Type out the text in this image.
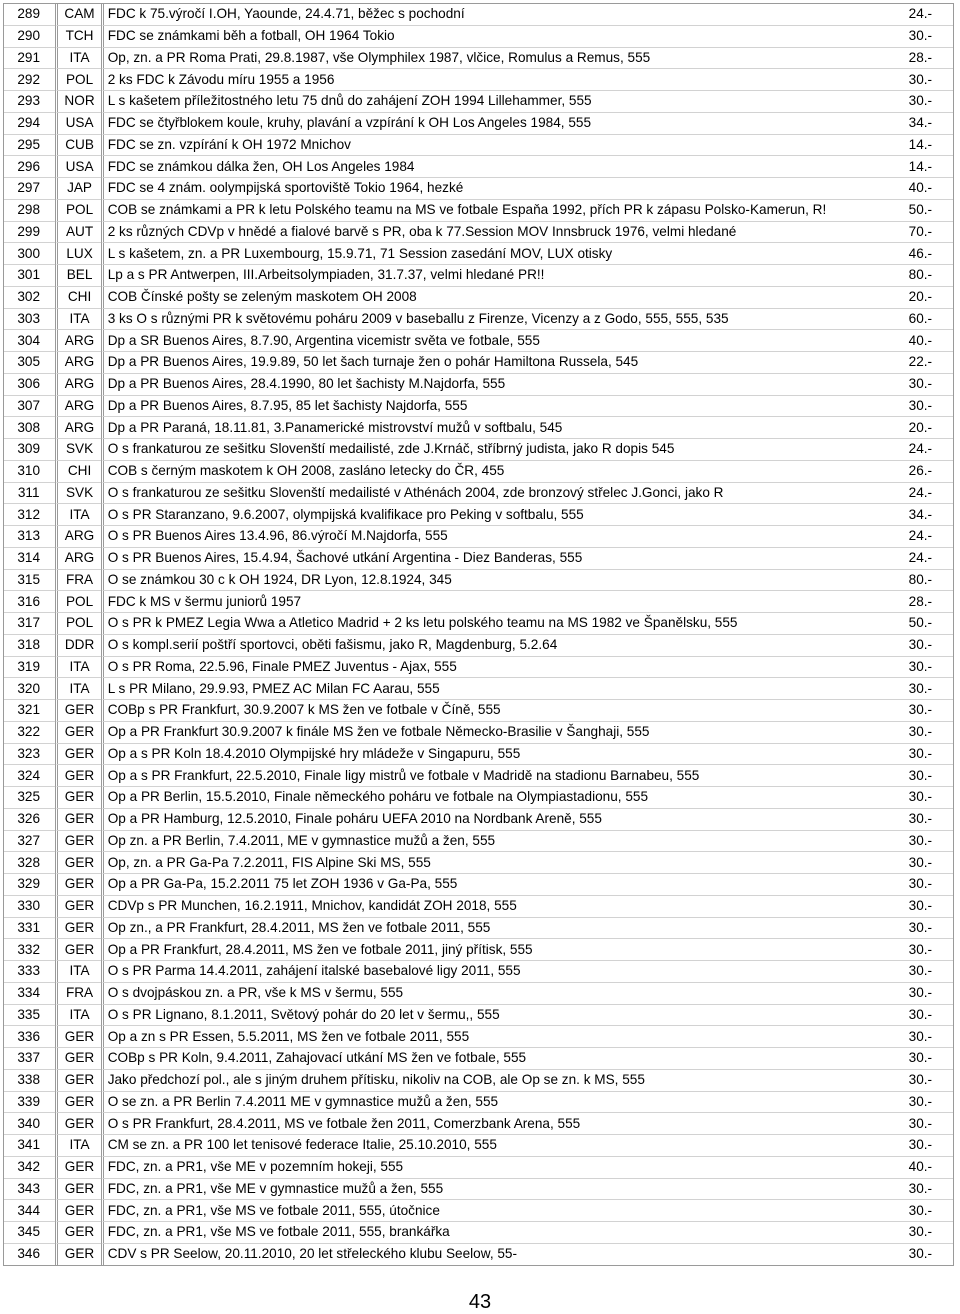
289	CAM	FDC k 75.výročí I.OH, Yaounde, 24.4.71, běžec s pochodní	24.-
290	TCH	FDC se známkami běh a fotball, OH 1964 Tokio	30.-
291	ITA	Op, zn. a PR Roma Prati, 29.8.1987, vše Olymphilex 1987, vlčice, Romulus a Remus, 555	28.-
292	POL	2 ks FDC k Závodu míru 1955 a 1956	30.-
293	NOR	L s kašetem příležitostného letu 75 dnů do zahájení ZOH 1994 Lillehammer, 555	30.-
294	USA	FDC se čtyřblokem koule, kruhy, plavání a vzpírání k OH Los Angeles 1984, 555	34.-
295	CUB	FDC se zn. vzpírání k OH 1972 Mnichov	14.-
296	USA	FDC se známkou dálka žen, OH Los Angeles 1984	14.-
297	JAP	FDC se 4 znám. oolympijská sportoviště Tokio 1964, hezké	40.-
298	POL	COB se známkami a PR k letu Polského teamu na MS ve fotbale Espaňa 1992, přích PR k zápasu Polsko-Kamerun, R!	50.-
299	AUT	2 ks různých CDVp v hnědé a fialové barvě s PR, oba k 77.Session MOV Innsbruck 1976, velmi hledané	70.-
300	LUX	L s kašetem, zn. a PR Luxembourg, 15.9.71, 71 Session zasedání MOV, LUX otisky	46.-
301	BEL	Lp a s PR Antwerpen, III.Arbeitsolympiaden, 31.7.37, velmi hledané PR!!	80.-
302	CHI	COB Čínské pošty se zeleným maskotem OH 2008	20.-
303	ITA	3 ks O s různými PR k světovému poháru 2009 v baseballu z Firenze, Vicenzy a z Godo, 555, 555, 535	60.-
304	ARG	Dp a SR Buenos Aires, 8.7.90, Argentina vicemistr světa ve fotbale, 555	40.-
305	ARG	Dp a PR Buenos Aires, 19.9.89, 50 let šach turnaje žen o pohár Hamiltona Russela, 545	22.-
306	ARG	Dp a PR Buenos Aires, 28.4.1990, 80 let šachisty M.Najdorfa, 555	30.-
307	ARG	Dp a PR Buenos Aires, 8.7.95, 85 let šachisty Najdorfa, 555	30.-
308	ARG	Dp a PR Paraná, 18.11.81, 3.Panamerické mistrovství mužů v softbalu, 545	20.-
309	SVK	O s frankaturou ze sešitku Slovenští medailisté, zde J.Krnáč, stříbrný judista, jako R dopis 545	24.-
310	CHI	COB s černým maskotem k OH 2008, zasláno letecky do ČR, 455	26.-
311	SVK	O s frankaturou ze sešitku Slovenští medailisté v Athénách 2004, zde bronzový střelec J.Gonci, jako R	24.-
312	ITA	O s PR Staranzano, 9.6.2007, olympijská kvalifikace pro Peking v softbalu, 555	34.-
313	ARG	O s PR Buenos Aires 13.4.96, 86.výročí M.Najdorfa, 555	24.-
314	ARG	O s PR Buenos Aires, 15.4.94, Šachové utkání Argentina - Diez Banderas, 555	24.-
315	FRA	O se známkou 30 c k OH 1924, DR Lyon, 12.8.1924, 345	80.-
316	POL	FDC k MS v šermu juniorů 1957	28.-
317	POL	O s PR k PMEZ Legia Wwa a Atletico Madrid + 2 ks letu polského teamu na MS 1982 ve Španělsku, 555	50.-
318	DDR	O s kompl.serií poštří sportovci, oběti fašismu, jako R, Magdenburg, 5.2.64	30.-
319	ITA	O s PR Roma, 22.5.96, Finale PMEZ Juventus - Ajax, 555	30.-
320	ITA	L s PR Milano, 29.9.93, PMEZ AC Milan FC Aarau, 555	30.-
321	GER	COBp s PR Frankfurt, 30.9.2007 k MS žen ve fotbale v Číně, 555	30.-
322	GER	Op a PR Frankfurt 30.9.2007 k finále MS žen ve fotbale Německo-Brasilie v Šanghaji, 555	30.-
323	GER	Op a s PR Koln 18.4.2010 Olympijské hry mládeže v Singapuru, 555	30.-
324	GER	Op a s PR Frankfurt, 22.5.2010, Finale ligy mistrů ve fotbale v Madridě na stadionu Barnabeu, 555	30.-
325	GER	Op a PR Berlin, 15.5.2010, Finale německého poháru ve fotbale na Olympiastadionu, 555	30.-
326	GER	Op a PR Hamburg, 12.5.2010, Finale poháru UEFA 2010 na Nordbank Areně, 555	30.-
327	GER	Op zn. a PR Berlin, 7.4.2011, ME v gymnastice mužů a žen, 555	30.-
328	GER	Op, zn. a PR Ga-Pa 7.2.2011, FIS Alpine Ski MS, 555	30.-
329	GER	Op a PR Ga-Pa, 15.2.2011 75 let ZOH 1936 v Ga-Pa, 555	30.-
330	GER	CDVp s PR Munchen, 16.2.1911, Mnichov, kandidát ZOH 2018, 555	30.-
331	GER	Op zn., a PR Frankfurt, 28.4.2011, MS žen ve fotbale 2011, 555	30.-
332	GER	Op a PR Frankfurt, 28.4.2011, MS žen ve fotbale 2011, jiný přítisk, 555	30.-
333	ITA	O s PR Parma 14.4.2011, zahájení italské basebalové ligy 2011, 555	30.-
334	FRA	O s dvojpáskou zn. a PR, vše k MS v šermu, 555	30.-
335	ITA	O s PR Lignano, 8.1.2011, Světový pohár do 20 let v šermu,, 555	30.-
336	GER	Op a zn s PR Essen, 5.5.2011, MS žen ve fotbale 2011, 555	30.-
337	GER	COBp s PR Koln, 9.4.2011, Zahajovací utkání MS žen ve fotbale, 555	30.-
338	GER	Jako předchozí pol., ale s jiným druhem přítisku, nikoliv na COB, ale Op se zn. k MS, 555	30.-
339	GER	O se zn. a PR Berlin 7.4.2011 ME v gymnastice mužů a žen, 555	30.-
340	GER	O s PR Frankfurt, 28.4.2011, MS ve fotbale žen 2011, Comerzbank Arena, 555	30.-
341	ITA	CM se zn. a PR 100 let tenisové federace Italie, 25.10.2010, 555	30.-
342	GER	FDC, zn. a PR1, vše ME v pozemním hokeji, 555	40.-
343	GER	FDC, zn. a PR1, vše ME v gymnastice mužů a žen, 555	30.-
344	GER	FDC, zn. a PR1, vše MS ve fotbale 2011, 555, útočnice	30.-
345	GER	FDC, zn. a PR1, vše MS ve fotbale 2011, 555, brankářka	30.-
346	GER	CDV s PR Seelow, 20.11.2010, 20 let střeleckého klubu Seelow, 55-	30.-
43
